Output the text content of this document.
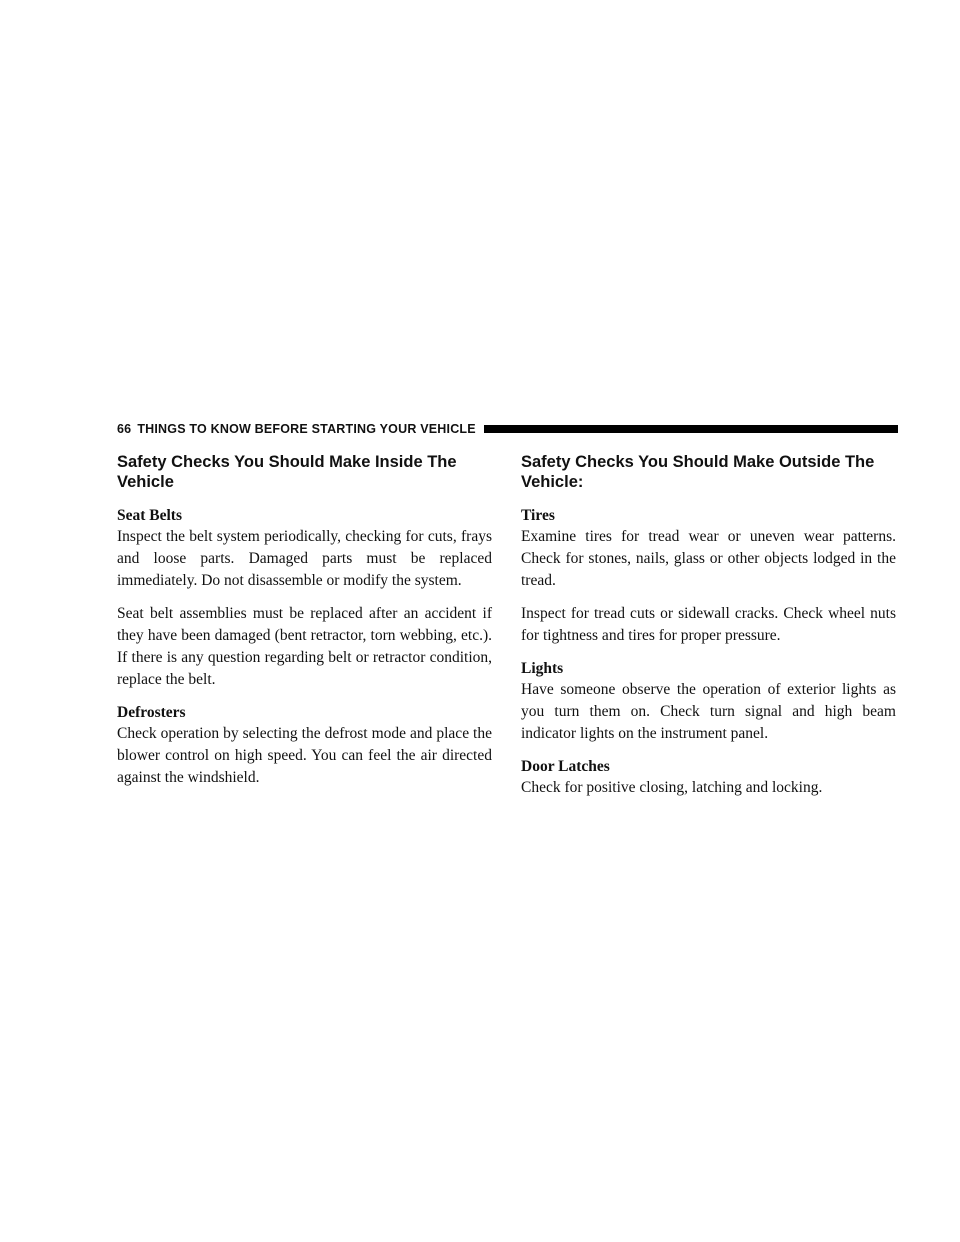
66 THINGS TO KNOW BEFORE STARTING YOUR VEHICLE
Safety Checks You Should Make Inside The Vehicle
Seat Belts

Inspect the belt system periodically, checking for cuts, frays and loose parts. Damaged parts must be replaced immediately. Do not disassemble or modify the system.

Seat belt assemblies must be replaced after an accident if they have been damaged (bent retractor, torn webbing, etc.). If there is any question regarding belt or retractor condition, replace the belt.

Defrosters

Check operation by selecting the defrost mode and place the blower control on high speed. You can feel the air directed against the windshield.

Safety Checks You Should Make Outside The Vehicle:
Tires

Examine tires for tread wear or uneven wear patterns. Check for stones, nails, glass or other objects lodged in the tread.

Inspect for tread cuts or sidewall cracks. Check wheel nuts for tightness and tires for proper pressure.

Lights

Have someone observe the operation of exterior lights as you turn them on. Check turn signal and high beam indicator lights on the instrument panel.

Door Latches

Check for positive closing, latching and locking.
